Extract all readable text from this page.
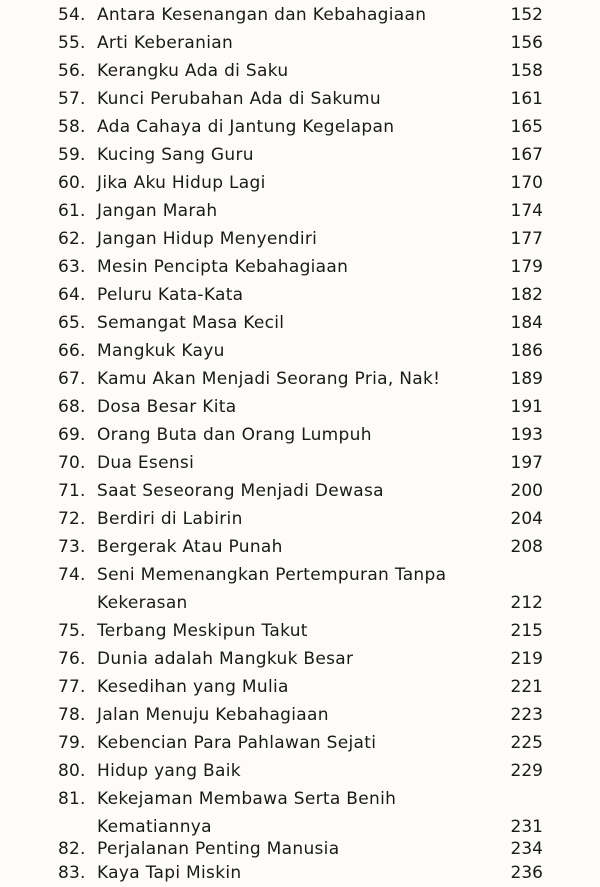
54. Antara Kesenangan dan Kebahagiaan	152
55. Arti Keberanian	156
56. Kerangku Ada di Saku	158
57. Kunci Perubahan Ada di Sakumu	161
58. Ada Cahaya di Jantung Kegelapan	165
59. Kucing Sang Guru	167
60. Jika Aku Hidup Lagi	170
61. Jangan Marah	174
62. Jangan Hidup Menyendiri	177
63. Mesin Pencipta Kebahagiaan	179
64. Peluru Kata-Kata	182
65. Semangat Masa Kecil	184
66. Mangkuk Kayu	186
67. Kamu Akan Menjadi Seorang Pria, Nak!	189
68. Dosa Besar Kita	191
69. Orang Buta dan Orang Lumpuh	193
70. Dua Esensi	197
71. Saat Seseorang Menjadi Dewasa	200
72. Berdiri di Labirin	204
73. Bergerak Atau Punah	208
74. Seni Memenangkan Pertempuran Tanpa
Kekerasan	212
75. Terbang Meskipun Takut	215
76. Dunia adalah Mangkuk Besar	219
77. Kesedihan yang Mulia	221
78. Jalan Menuju Kebahagiaan	223
79. Kebencian Para Pahlawan Sejati	225
80. Hidup yang Baik	229
81. Kekejaman Membawa Serta Benih
Kematiannya	231
82. Perjalanan Penting Manusia	234
83. Kaya Tapi Miskin	236
